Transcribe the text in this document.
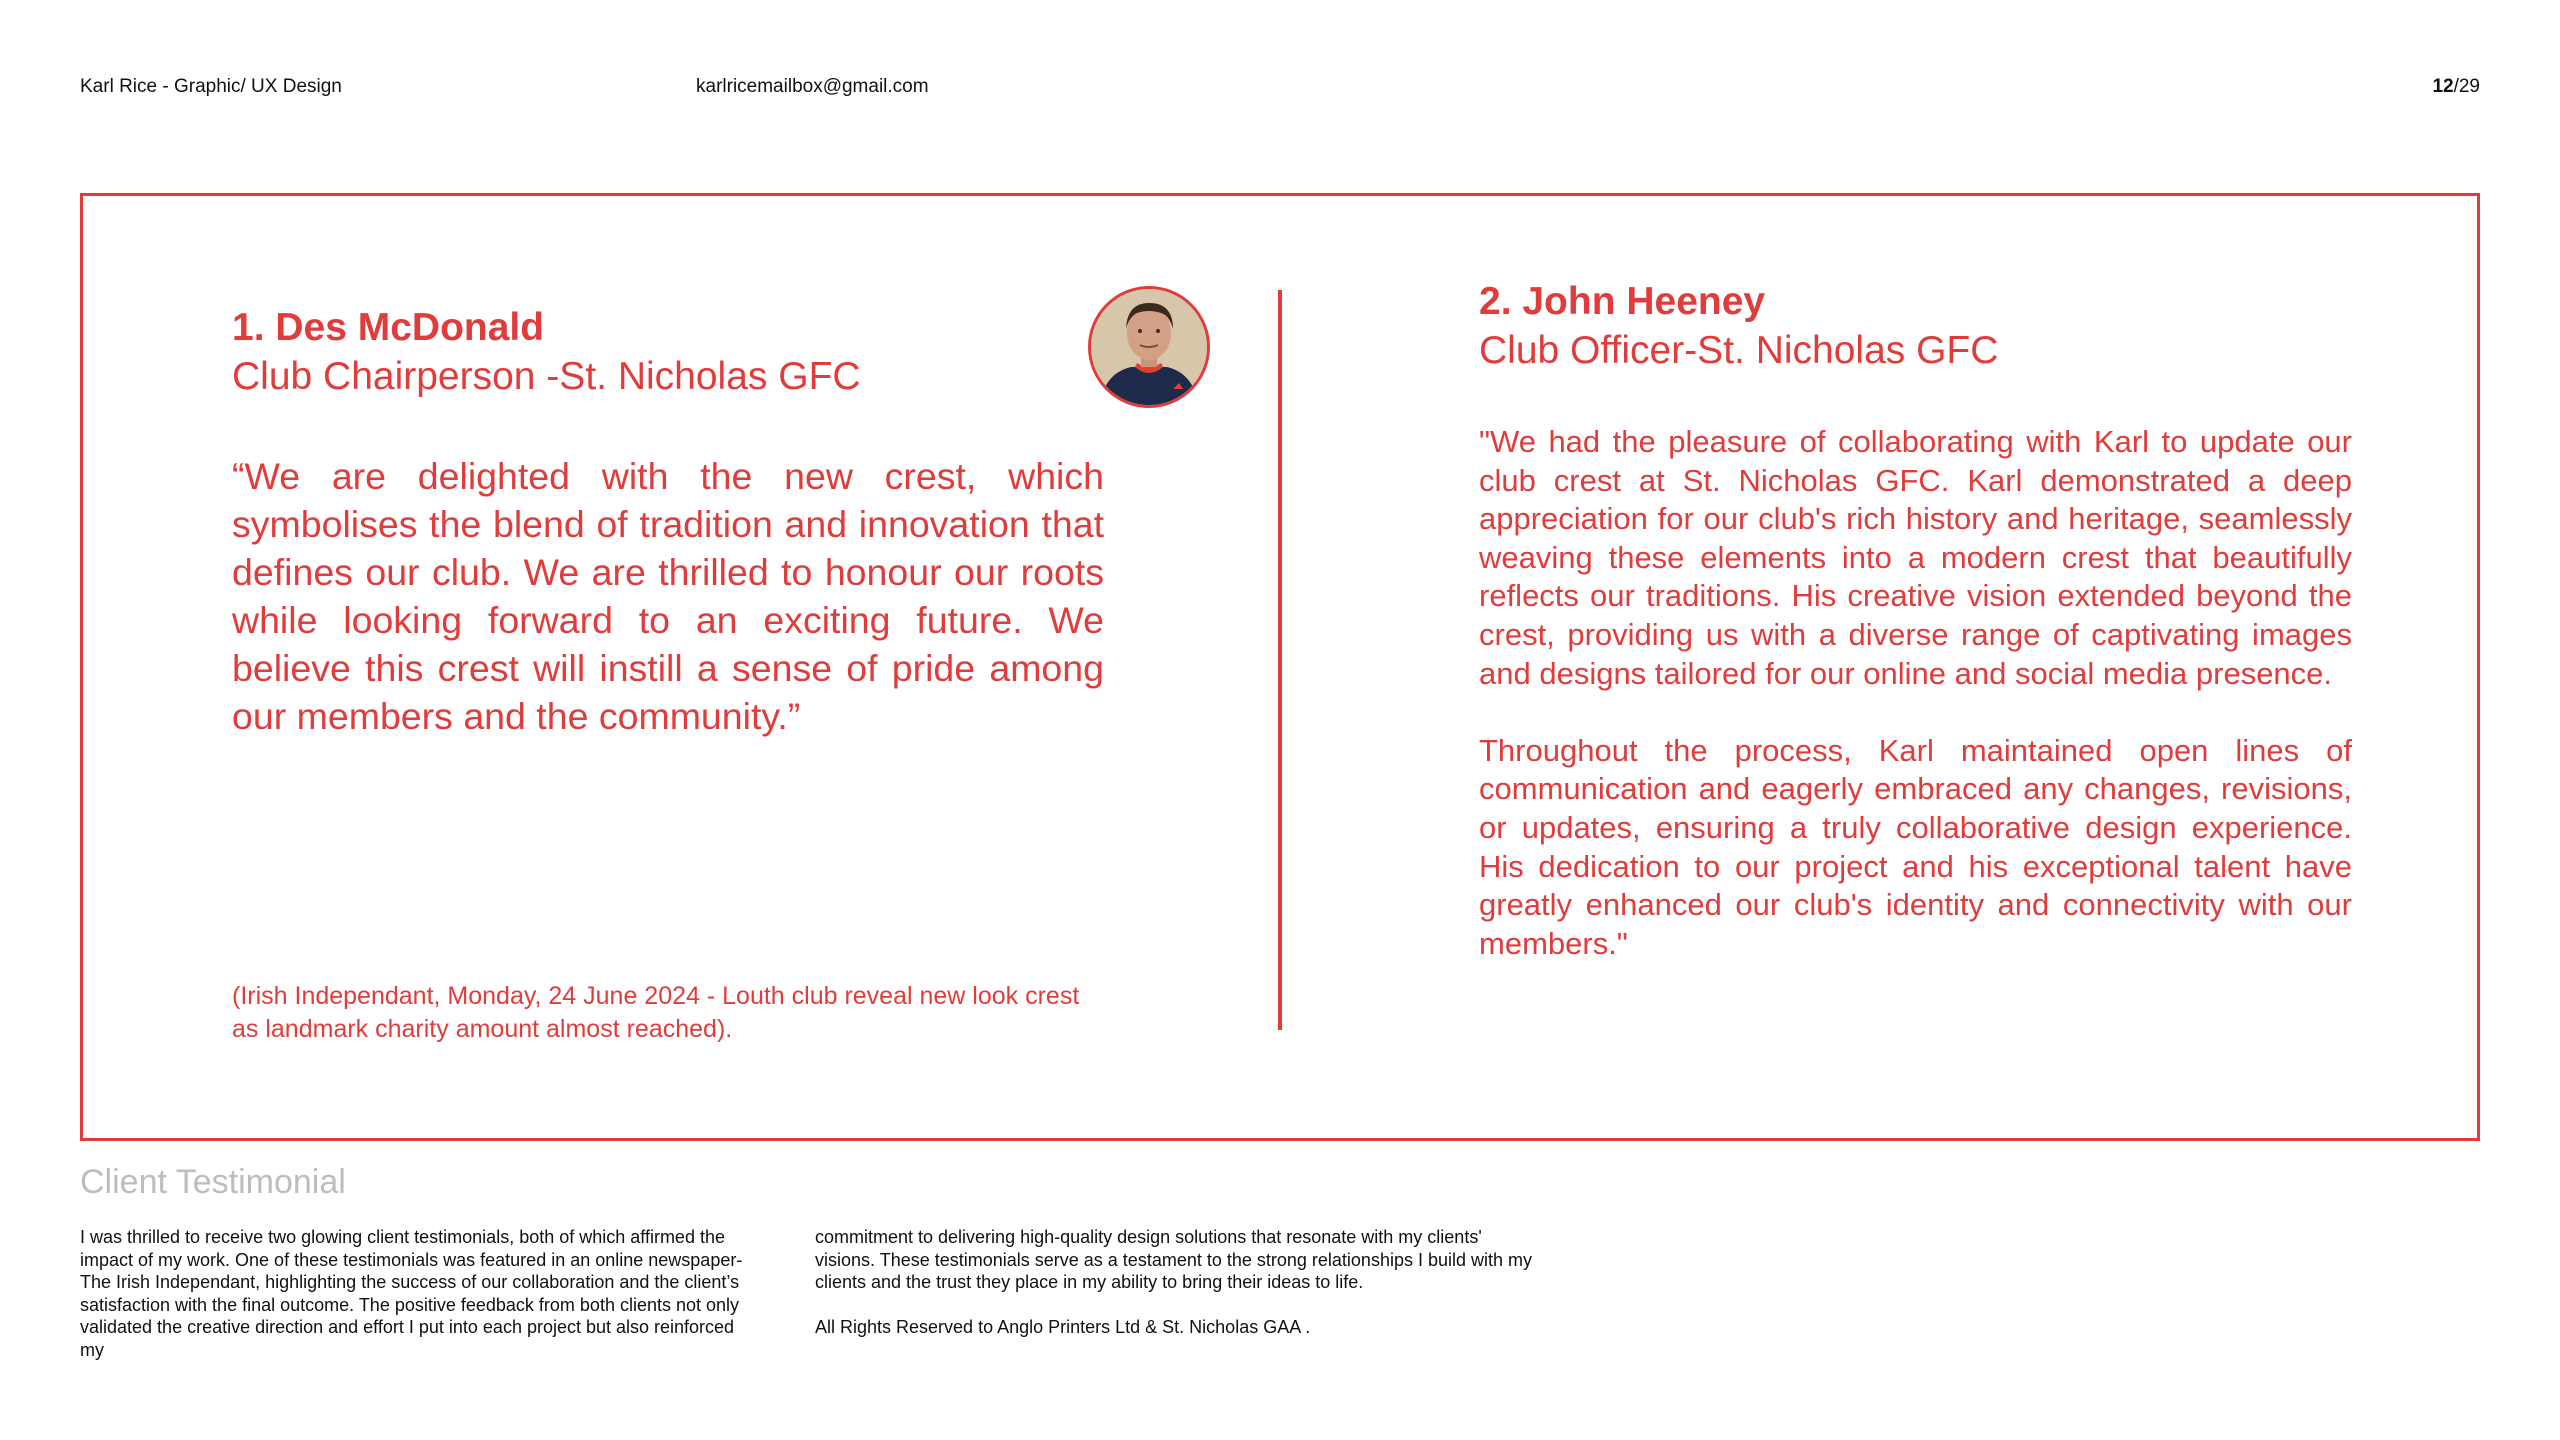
Karl Rice - Graphic/ UX Design	karlricemailbox@gmail.com	12/29
1. Des McDonald
Club Chairperson -St. Nicholas GFC
“We are delighted with the new crest, which symbolises the blend of tradition and innovation that defines our club. We are thrilled to honour our roots while looking forward to an exciting future. We believe this crest will instill a sense of pride among our members and the community.”
(Irish Independant, Monday, 24 June 2024 - Louth club reveal new look crest as landmark charity amount almost reached).
2. John Heeney
Club Officer-St. Nicholas GFC

"We had the pleasure of collaborating with Karl to update our club crest at St. Nicholas GFC. Karl demonstrated a deep appreciation for our club's rich history and heritage, seamlessly weaving these elements into a modern crest that beautifully reflects our traditions. His creative vision extended beyond the crest, providing us with a diverse range of captivating images and designs tailored for our online and social media presence.

Throughout the process, Karl maintained open lines of communication and eagerly embraced any changes, revisions, or updates, ensuring a truly collaborative design experience. His dedication to our project and his exceptional talent have greatly enhanced our club's identity and connectivity with our members."

Client Testimonial

I was thrilled to receive two glowing client testimonials, both of which affirmed the impact of my work. One of these testimonials was featured in an online newspaper- The Irish Independant, highlighting the success of our collaboration and the client’s satisfaction with the final outcome. The positive feedback from both clients not only validated the creative direction and effort I put into each project but also reinforced my

commitment to delivering high-quality design solutions that resonate with my clients' visions. These testimonials serve as a testament to the strong relationships I build with my clients and the trust they place in my ability to bring their ideas to life.

All Rights Reserved to Anglo Printers Ltd & St. Nicholas GAA .
